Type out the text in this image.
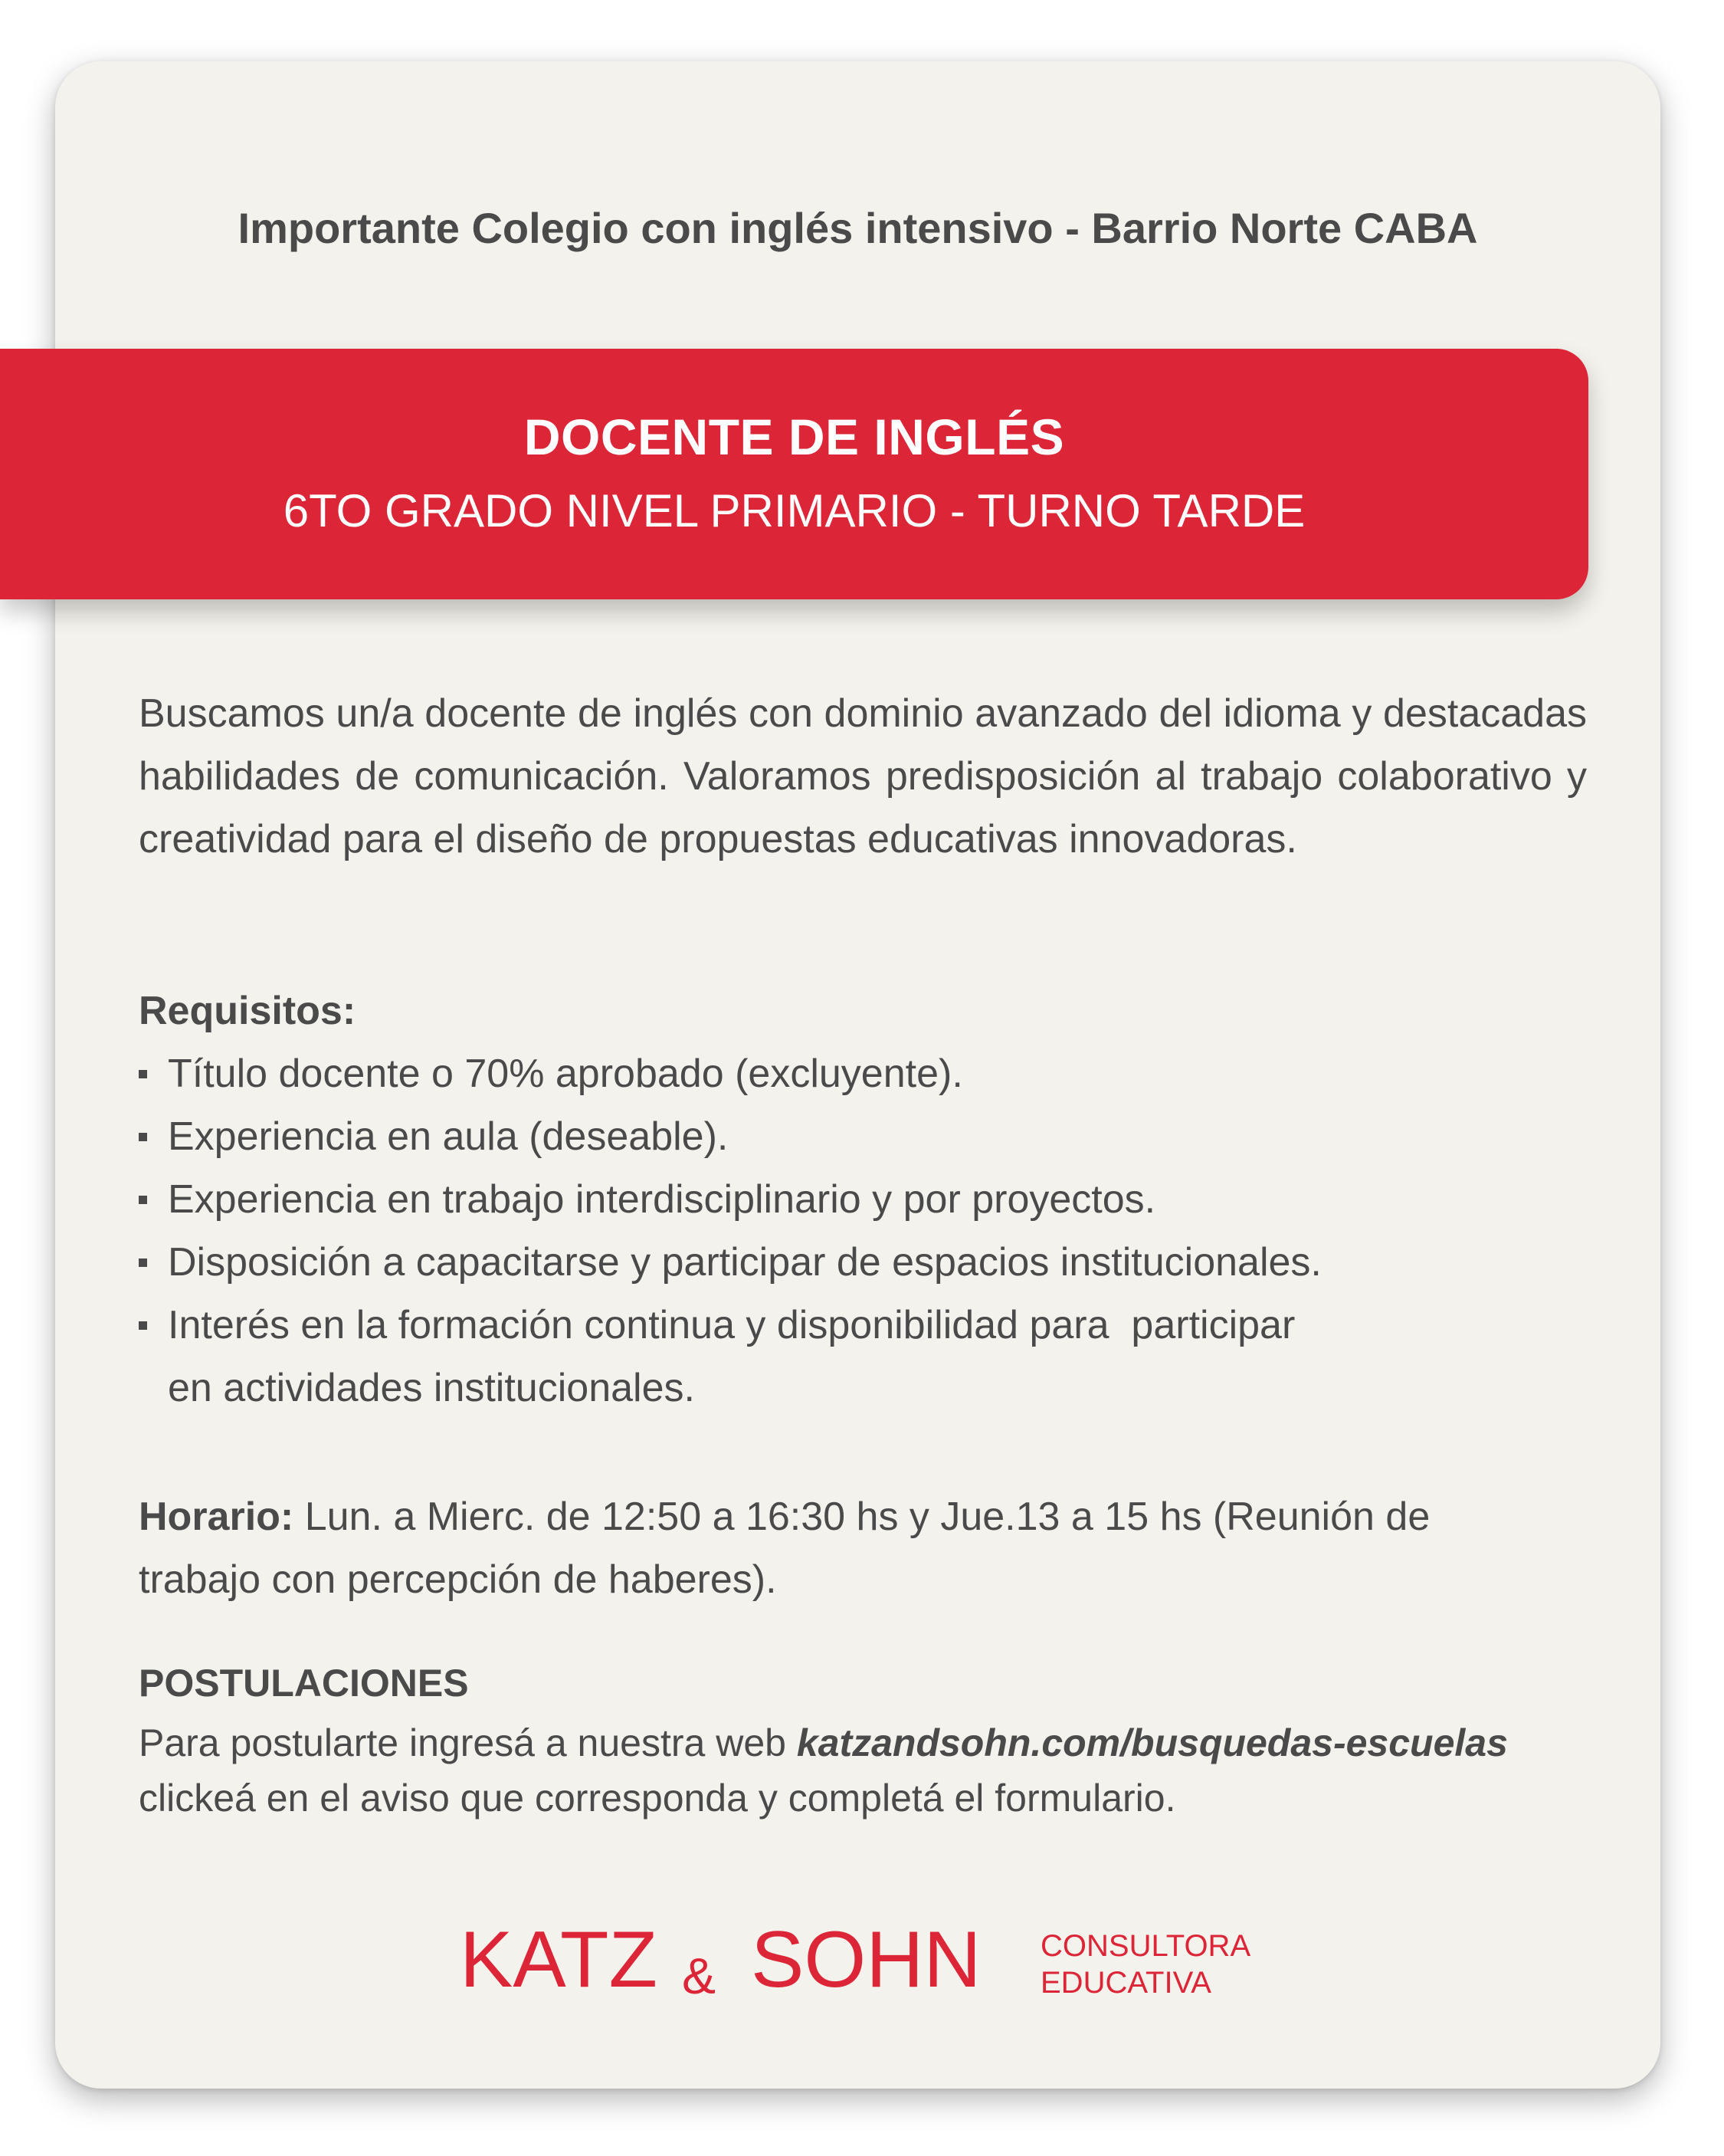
Importante Colegio con inglés intensivo - Barrio Norte CABA
DOCENTE DE INGLÉS
6TO GRADO NIVEL PRIMARIO - TURNO TARDE
Buscamos un/a docente de inglés con dominio avanzado del idioma y destacadas habilidades de comunicación. Valoramos predisposición al trabajo colaborativo y creatividad para el diseño de propuestas educativas innovadoras.
Requisitos:
Título docente o 70% aprobado (excluyente).
Experiencia en aula (deseable).
Experiencia en trabajo interdisciplinario y por proyectos.
Disposición a capacitarse y participar de espacios institucionales.
Interés en la formación continua y disponibilidad para  participar
en actividades institucionales.
Horario: Lun. a Mierc. de 12:50 a 16:30 hs y Jue.13 a 15 hs (Reunión de
trabajo con percepción de haberes).
POSTULACIONES
Para postularte ingresá a nuestra web katzandsohn.com/busquedas-escuelas
clickeá en el aviso que corresponda y completá el formulario.
KATZ & SOHN CONSULTORA
EDUCATIVA
